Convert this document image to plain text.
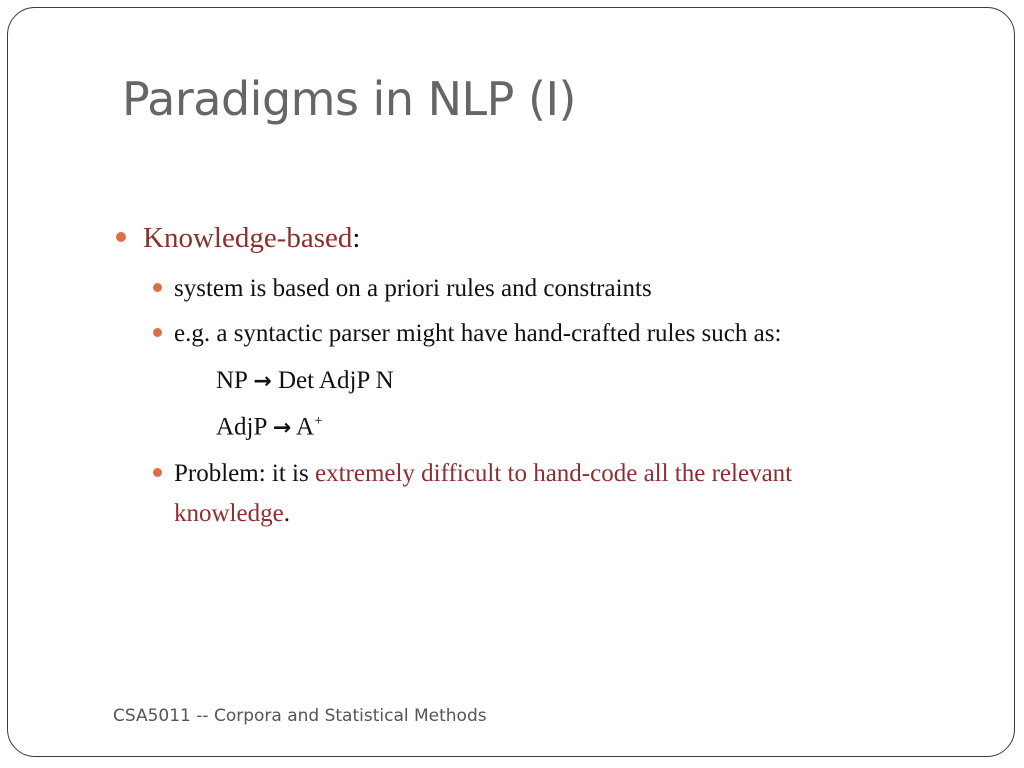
Paradigms in NLP (I)
Knowledge-based:
system is based on a priori rules and constraints
e.g. a syntactic parser might have hand-crafted rules such as:
NP → Det AdjP N
AdjP → A+
Problem: it is extremely difficult to hand-code all the relevant
knowledge.
CSA5011 -- Corpora and Statistical Methods
